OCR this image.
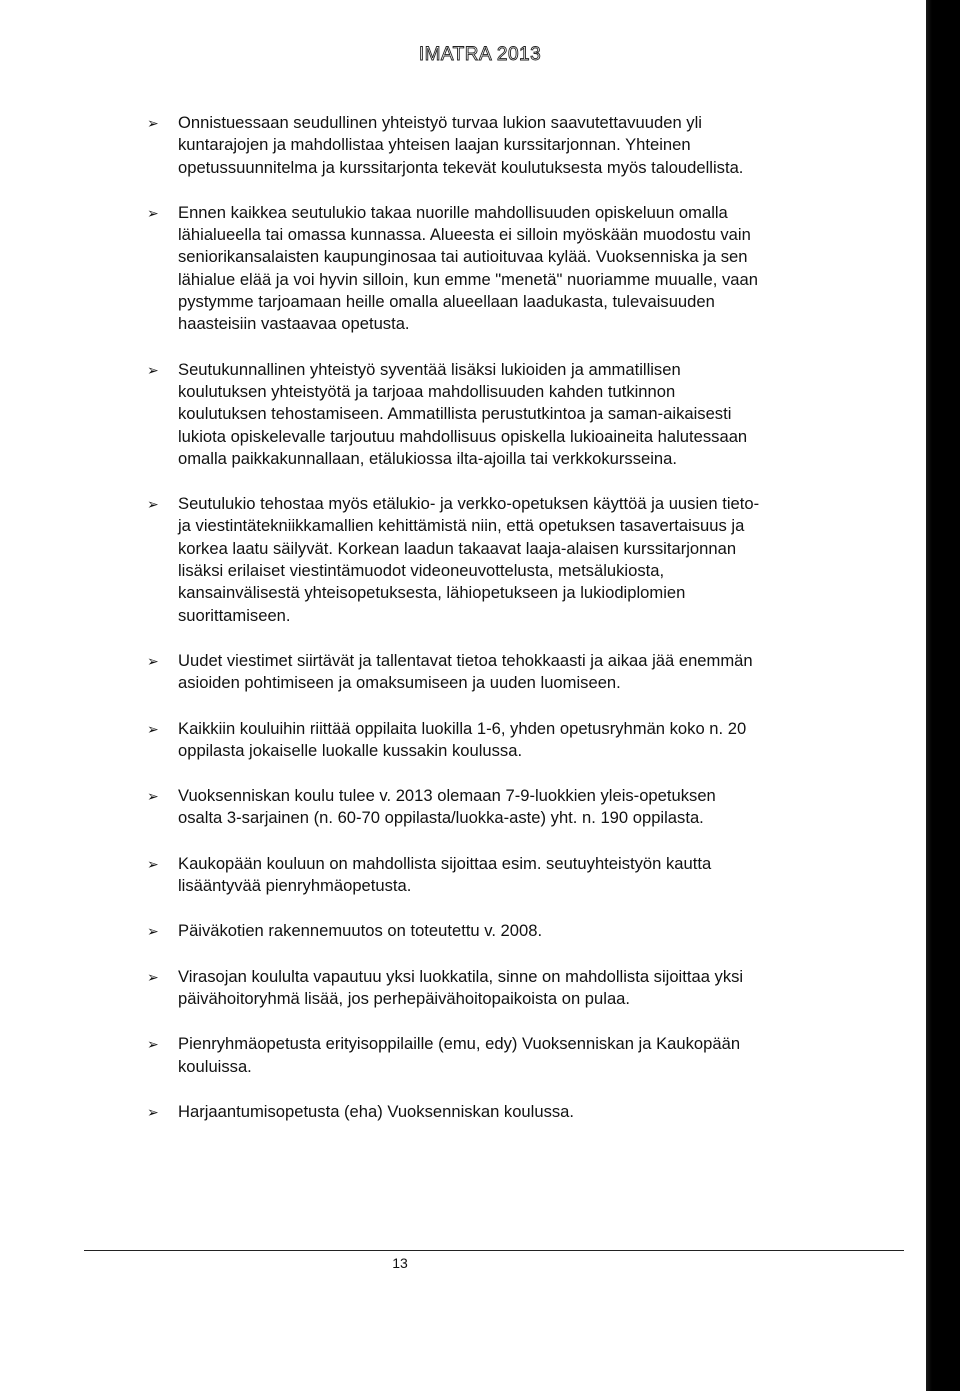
IMATRA 2013
➢ Onnistuessaan seudullinen yhteistyö turvaa lukion saavutettavuuden yli kuntarajojen ja mahdollistaa yhteisen laajan kurssitarjonnan. Yhteinen opetussuunnitelma ja kurssitarjonta tekevät koulutuksesta myös taloudellista.
➢ Ennen kaikkea seutulukio takaa nuorille mahdollisuuden opiskeluun omalla lähialueella tai omassa kunnassa. Alueesta ei silloin myöskään muodostu vain seniorikansalaisten kaupunginosaa tai autioituvaa kylää. Vuoksenniska ja sen lähialue elää ja voi hyvin silloin, kun emme "menetä" nuoriamme muualle, vaan pystymme tarjoamaan heille omalla alueellaan laadukasta, tulevaisuuden haasteisiin vastaavaa opetusta.
➢ Seutukunnallinen yhteistyö syventää lisäksi lukioiden ja ammatillisen koulutuksen yhteistyötä ja tarjoaa mahdollisuuden kahden tutkinnon koulutuksen tehostamiseen. Ammatillista perustutkintoa ja saman-aikaisesti lukiota opiskelevalle tarjoutuu mahdollisuus opiskella lukioaineita halutessaan omalla paikkakunnallaan, etälukiossa ilta-ajoilla tai verkkokursseina.
➢ Seutulukio tehostaa myös etälukio- ja verkko-opetuksen käyttöä ja uusien tieto- ja viestintätekniikkamallien kehittämistä niin, että opetuksen tasavertaisuus ja korkea laatu säilyvät. Korkean laadun takaavat laaja-alaisen kurssitarjonnan lisäksi erilaiset viestintämuodot videoneuvottelusta, metsälukiosta, kansainvälisestä yhteisopetuksesta, lähiopetukseen ja lukiodiplomien suorittamiseen.
➢ Uudet viestimet siirtävät ja tallentavat tietoa tehokkaasti ja aikaa jää enemmän asioiden pohtimiseen ja omaksumiseen ja uuden luomiseen.
➢ Kaikkiin kouluihin riittää oppilaita luokilla 1-6, yhden opetusryhmän koko n. 20 oppilasta jokaiselle luokalle kussakin koulussa.
➢ Vuoksenniskan koulu tulee v. 2013 olemaan 7-9-luokkien yleis-opetuksen osalta 3-sarjainen (n. 60-70 oppilasta/luokka-aste) yht. n. 190 oppilasta.
➢ Kaukopään kouluun on mahdollista sijoittaa esim. seutuyhteistyön kautta lisääntyvää pienryhmäopetusta.
➢ Päiväkotien rakennemuutos on toteutettu v. 2008.
➢ Virasojan koululta vapautuu yksi luokkatila, sinne on mahdollista sijoittaa yksi päivähoitoryhmä lisää, jos perhepäivähoitopaikoista on pulaa.
➢ Pienryhmäopetusta erityisoppilaille (emu, edy) Vuoksenniskan ja Kaukopään kouluissa.
➢ Harjaantumisopetusta (eha) Vuoksenniskan koulussa.
13
